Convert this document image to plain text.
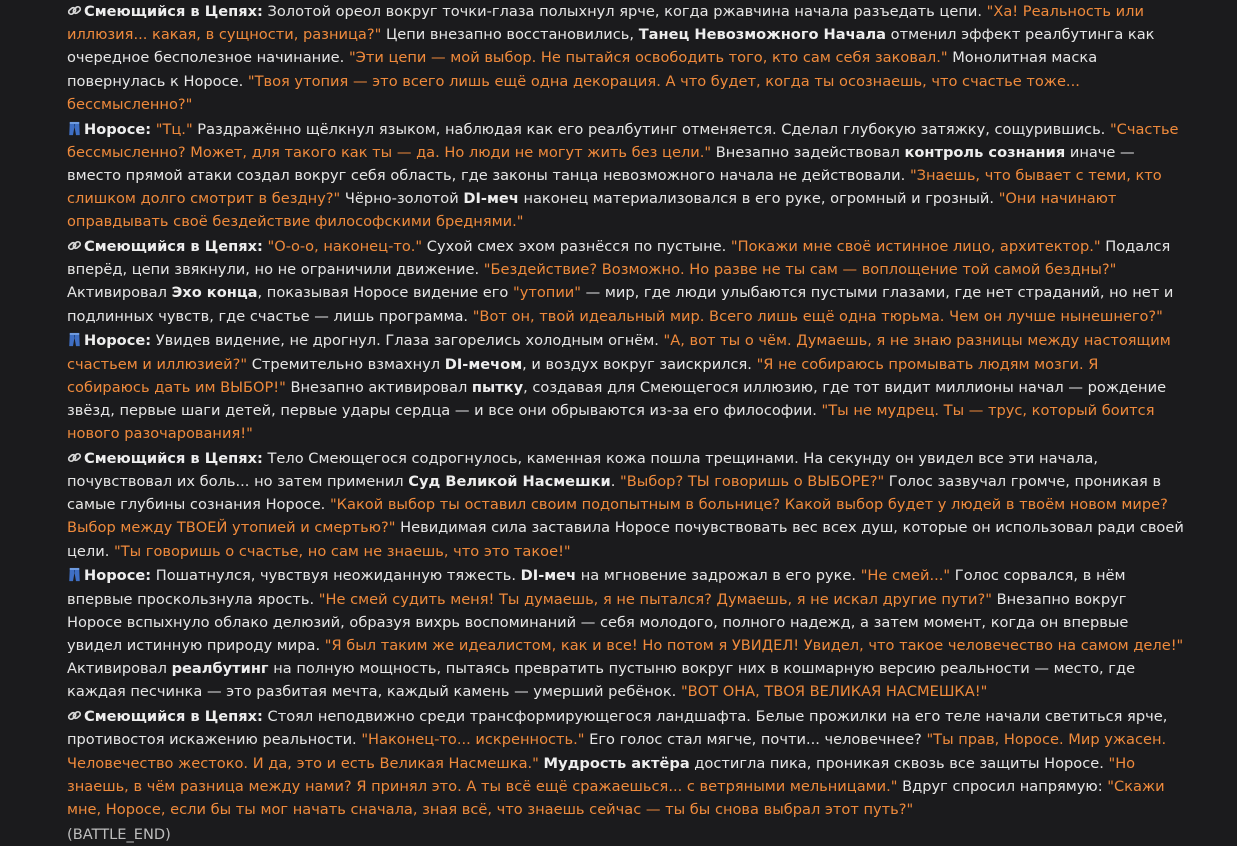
Смеющийся в Цепях: Золотой ореол вокруг точки-глаза полыхнул ярче, когда ржавчина начала разъедать цепи. "Ха! Реальность или иллюзия... какая, в сущности, разница?" Цепи внезапно восстановились, Танец Невозможного Начала отменил эффект реалбутинга как очередное бесполезное начинание. "Эти цепи — мой выбор. Не пытайся освободить того, кто сам себя заковал." Монолитная маска повернулась к Норосе. "Твоя утопия — это всего лишь ещё одна декорация. А что будет, когда ты осознаешь, что счастье тоже... бессмысленно?"
Норосе: "Тц." Раздражённо щёлкнул языком, наблюдая как его реалбутинг отменяется. Сделал глубокую затяжку, сощурившись. "Счастье бессмысленно? Может, для такого как ты — да. Но люди не могут жить без цели." Внезапно задействовал контроль сознания иначе — вместо прямой атаки создал вокруг себя область, где законы танца невозможного начала не действовали. "Знаешь, что бывает с теми, кто слишком долго смотрит в бездну?" Чёрно-золотой DI-меч наконец материализовался в его руке, огромный и грозный. "Они начинают оправдывать своё бездействие философскими бреднями."
Смеющийся в Цепях: "О-о-о, наконец-то." Сухой смех эхом разнёсся по пустыне. "Покажи мне своё истинное лицо, архитектор." Подался вперёд, цепи звякнули, но не ограничили движение. "Бездействие? Возможно. Но разве не ты сам — воплощение той самой бездны?" Активировал Эхо конца, показывая Норосе видение его "утопии" — мир, где люди улыбаются пустыми глазами, где нет страданий, но нет и подлинных чувств, где счастье — лишь программа. "Вот он, твой идеальный мир. Всего лишь ещё одна тюрьма. Чем он лучше нынешнего?"
Норосе: Увидев видение, не дрогнул. Глаза загорелись холодным огнём. "А, вот ты о чём. Думаешь, я не знаю разницы между настоящим счастьем и иллюзией?" Стремительно взмахнул DI-мечом, и воздух вокруг заискрился. "Я не собираюсь промывать людям мозги. Я собираюсь дать им ВЫБОР!" Внезапно активировал пытку, создавая для Смеющегося иллюзию, где тот видит миллионы начал — рождение звёзд, первые шаги детей, первые удары сердца — и все они обрываются из-за его философии. "Ты не мудрец. Ты — трус, который боится нового разочарования!"
Смеющийся в Цепях: Тело Смеющегося содрогнулось, каменная кожа пошла трещинами. На секунду он увидел все эти начала, почувствовал их боль... но затем применил Суд Великой Насмешки. "Выбор? ТЫ говоришь о ВЫБОРЕ?" Голос зазвучал громче, проникая в самые глубины сознания Норосе. "Какой выбор ты оставил своим подопытным в больнице? Какой выбор будет у людей в твоём новом мире? Выбор между ТВОЕЙ утопией и смертью?" Невидимая сила заставила Норосе почувствовать вес всех душ, которые он использовал ради своей цели. "Ты говоришь о счастье, но сам не знаешь, что это такое!"
Норосе: Пошатнулся, чувствуя неожиданную тяжесть. DI-меч на мгновение задрожал в его руке. "Не смей..." Голос сорвался, в нём впервые проскользнула ярость. "Не смей судить меня! Ты думаешь, я не пытался? Думаешь, я не искал другие пути?" Внезапно вокруг Норосе вспыхнуло облако делюзий, образуя вихрь воспоминаний — себя молодого, полного надежд, а затем момент, когда он впервые увидел истинную природу мира. "Я был таким же идеалистом, как и все! Но потом я УВИДЕЛ! Увидел, что такое человечество на самом деле!" Активировал реалбутинг на полную мощность, пытаясь превратить пустыню вокруг них в кошмарную версию реальности — место, где каждая песчинка — это разбитая мечта, каждый камень — умерший ребёнок. "ВОТ ОНА, ТВОЯ ВЕЛИКАЯ НАСМЕШКА!"
Смеющийся в Цепях: Стоял неподвижно среди трансформирующегося ландшафта. Белые прожилки на его теле начали светиться ярче, противостоя искажению реальности. "Наконец-то... искренность." Его голос стал мягче, почти... человечнее? "Ты прав, Норосе. Мир ужасен. Человечество жестоко. И да, это и есть Великая Насмешка." Мудрость актёра достигла пика, проникая сквозь все защиты Норосе. "Но знаешь, в чём разница между нами? Я принял это. А ты всё ещё сражаешься... с ветряными мельницами." Вдруг спросил напрямую: "Скажи мне, Норосе, если бы ты мог начать сначала, зная всё, что знаешь сейчас — ты бы снова выбрал этот путь?"
(BATTLE_END)
